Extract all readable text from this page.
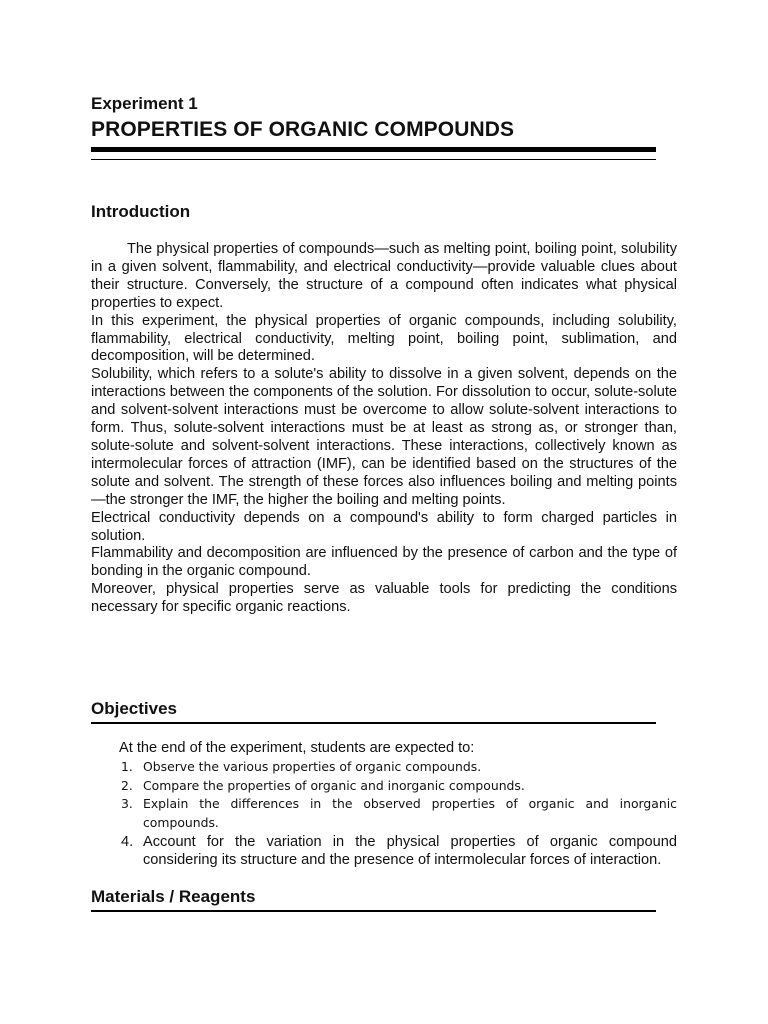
Experiment 1
PROPERTIES OF ORGANIC COMPOUNDS
Introduction

The physical properties of compounds—such as melting point, boiling point, solubility in a given solvent, flammability, and electrical conductivity—provide valuable clues about their structure. Conversely, the structure of a compound often indicates what physical properties to expect.

In this experiment, the physical properties of organic compounds, including solubility, flammability, electrical conductivity, melting point, boiling point, sublimation, and decomposition, will be determined.

Solubility, which refers to a solute's ability to dissolve in a given solvent, depends on the interactions between the components of the solution. For dissolution to occur, solute-solute and solvent-solvent interactions must be overcome to allow solute-solvent interactions to form. Thus, solute-solvent interactions must be at least as strong as, or stronger than, solute-solute and solvent-solvent interactions. These interactions, collectively known as intermolecular forces of attraction (IMF), can be identified based on the structures of the solute and solvent. The strength of these forces also influences boiling and melting points—the stronger the IMF, the higher the boiling and melting points.

Electrical conductivity depends on a compound's ability to form charged particles in solution.

Flammability and decomposition are influenced by the presence of carbon and the type of bonding in the organic compound.

Moreover, physical properties serve as valuable tools for predicting the conditions necessary for specific organic reactions.

Objectives
At the end of the experiment, students are expected to:
1. Observe the various properties of organic compounds.
2. Compare the properties of organic and inorganic compounds.
3. Explain the differences in the observed properties of organic and inorganic compounds.
4. Account for the variation in the physical properties of organic compound considering its structure and the presence of intermolecular forces of interaction.
Materials / Reagents
